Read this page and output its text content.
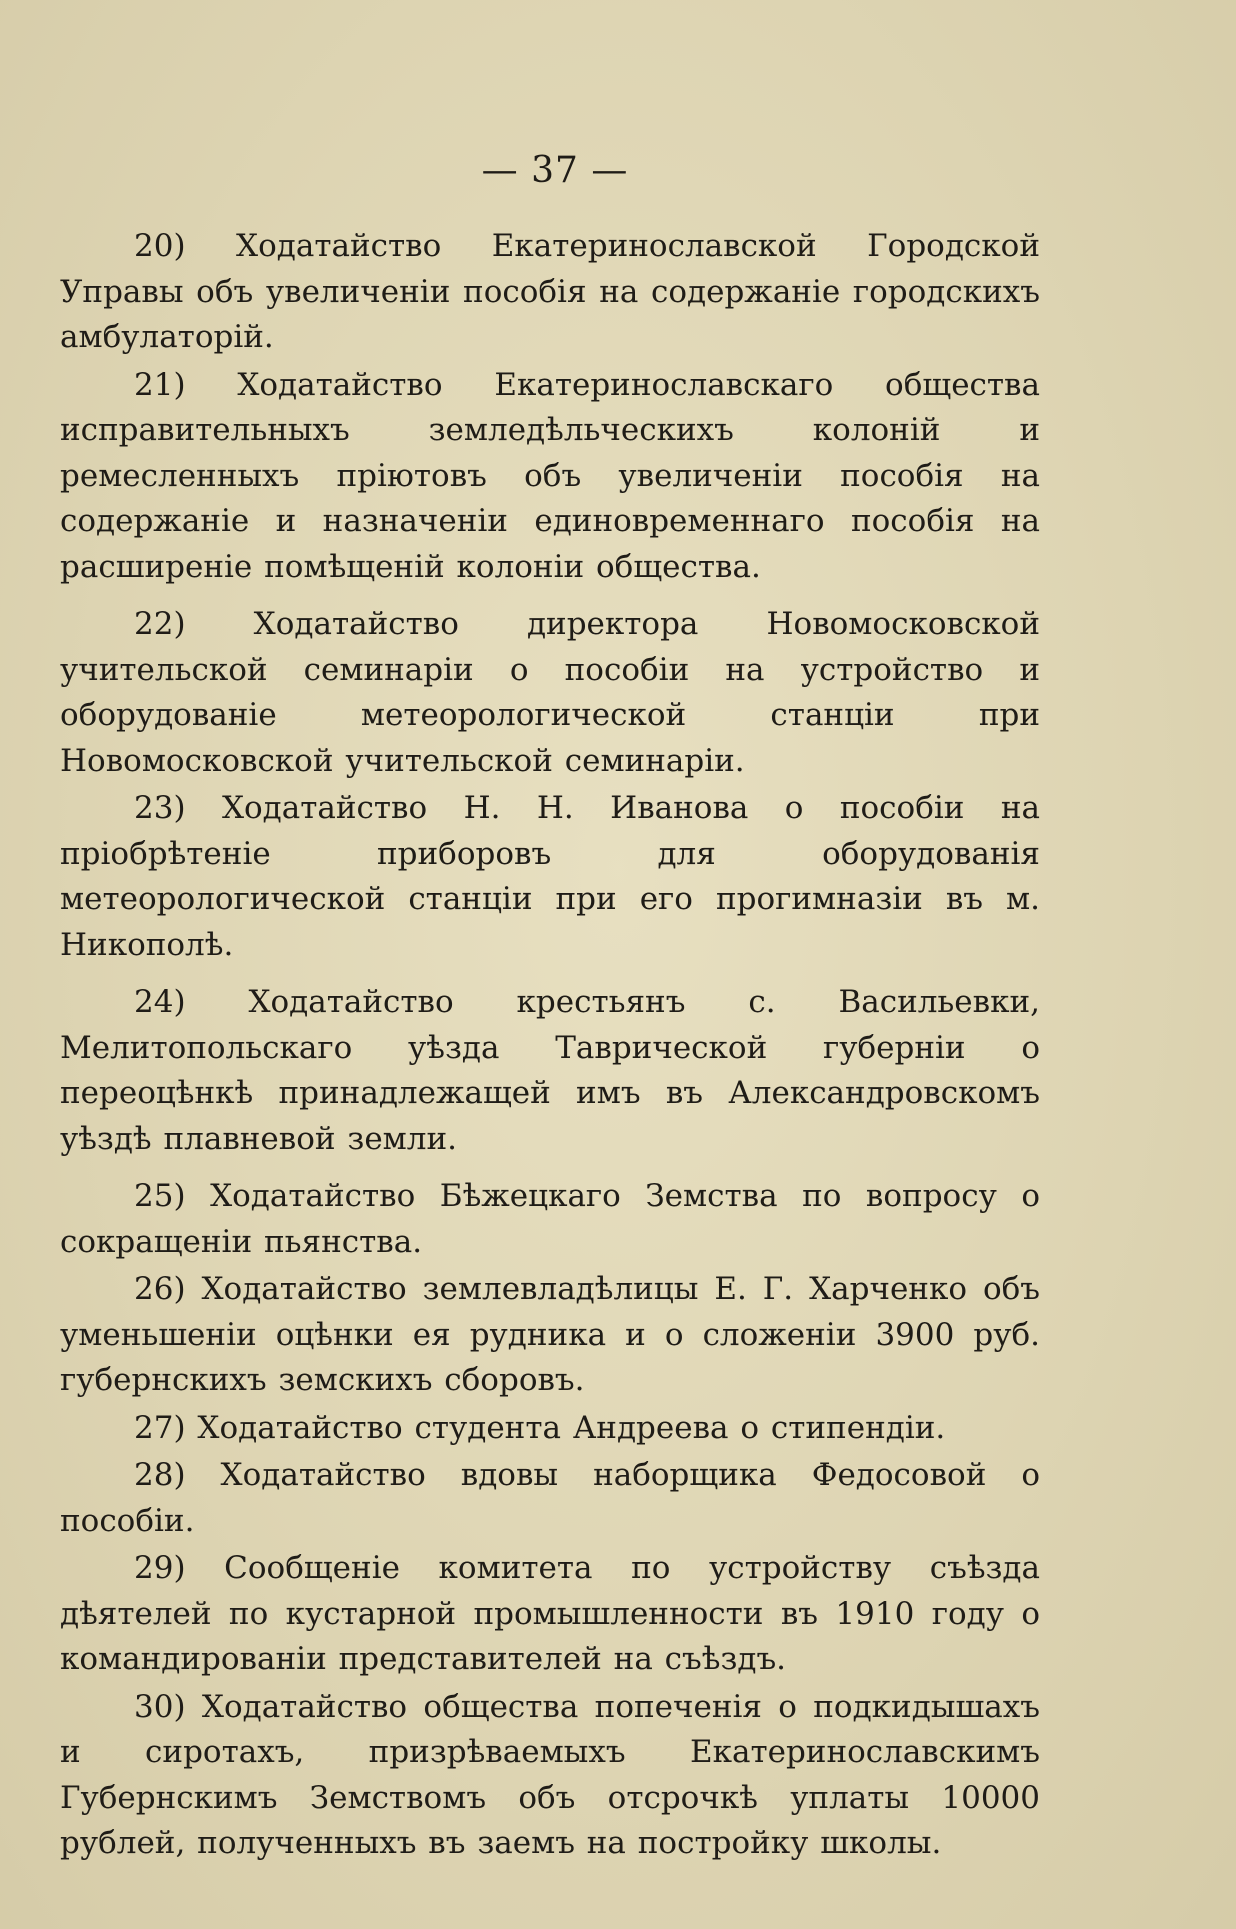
— 37 —

20) Ходатайство Екатеринославской Городской Управы объ увеличенiи пособiя на содержанiе городскихъ амбулаторiй.

21) Ходатайство Екатеринославскаго общества исправительныхъ земледѣльческихъ колонiй и ремесленныхъ прiютовъ объ увеличенiи пособiя на содержанiе и назначенiи единовременнаго пособiя на расширенiе помѣщенiй колонiи общества.

22) Ходатайство директора Новомосковской учительской семинарiи о пособiи на устройство и оборудованiе метеорологической станцiи при Новомосковской учительской семинарiи.

23) Ходатайство Н. Н. Иванова о пособiи на прiобрѣтенiе приборовъ для оборудованiя метеорологической станцiи при его прогимназiи въ м. Никополѣ.

24) Ходатайство крестьянъ с. Васильевки, Мелитопольскаго уѣзда Таврической губернiи о переоцѣнкѣ принадлежащей имъ въ Александровскомъ уѣздѣ плавневой земли.

25) Ходатайство Бѣжецкаго Земства по вопросу о сокращенiи пьянства.

26) Ходатайство землевладѣлицы Е. Г. Харченко объ уменьшенiи оцѣнки ея рудника и о сложенiи 3900 руб. губернскихъ земскихъ сборовъ.

27) Ходатайство студента Андреева о стипендiи.

28) Ходатайство вдовы наборщика Федосовой о пособiи.

29) Сообщенiе комитета по устройству съѣзда дѣятелей по кустарной промышленности въ 1910 году о командированiи представителей на съѣздъ.

30) Ходатайство общества попеченiя о подкидышахъ и сиротахъ, призрѣваемыхъ Екатеринославскимъ Губернскимъ Земствомъ объ отсрочкѣ уплаты 10000 рублей, полученныхъ въ заемъ на постройку школы.
